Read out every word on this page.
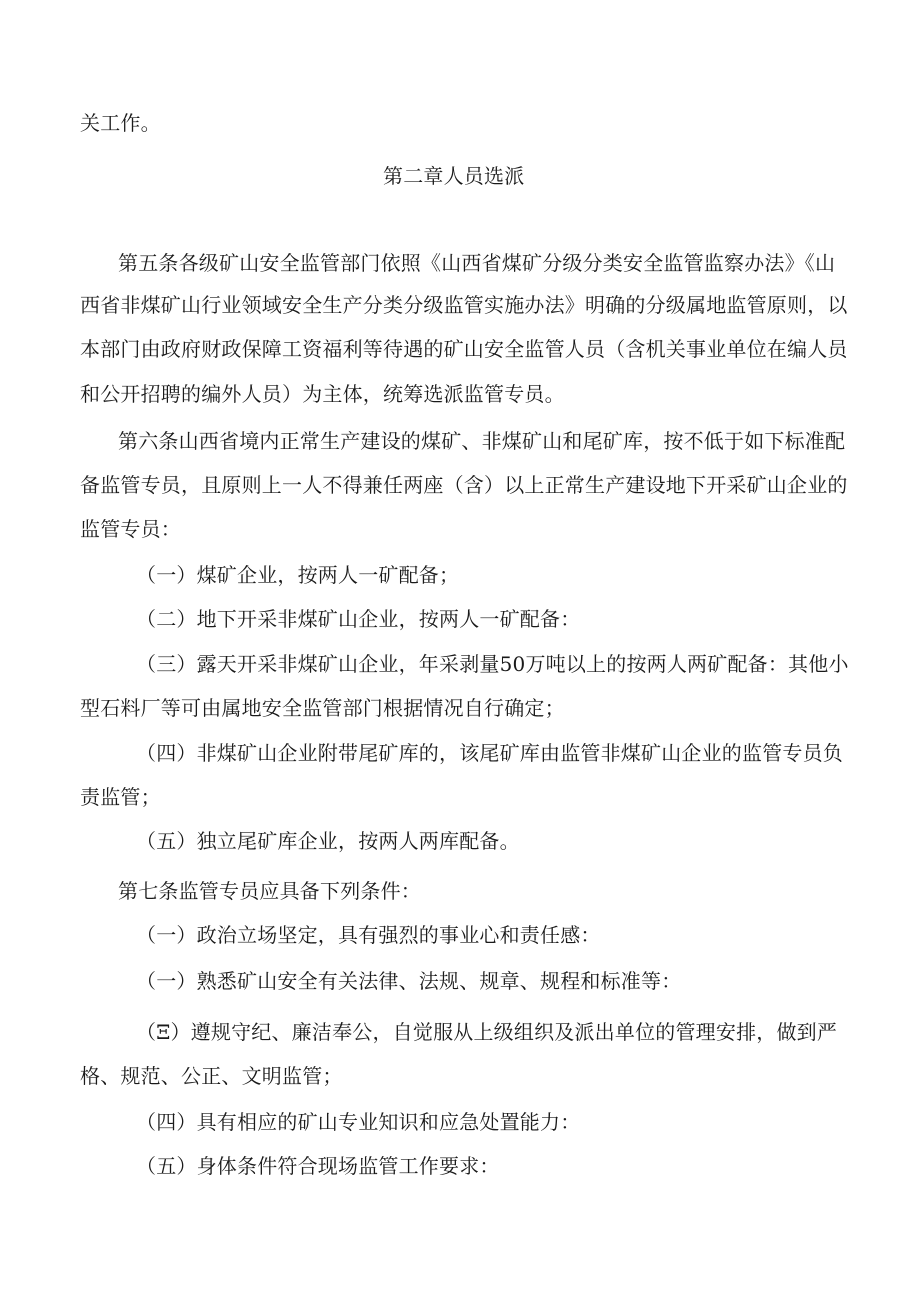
关工作。
第二章人员选派
第五条各级矿山安全监管部门依照《山西省煤矿分级分类安全监管监察办法》《山
西省非煤矿山行业领域安全生产分类分级监管实施办法》明确的分级属地监管原则，以
本部门由政府财政保障工资福利等待遇的矿山安全监管人员（含机关事业单位在编人员
和公开招聘的编外人员）为主体，统筹选派监管专员。
第六条山西省境内正常生产建设的煤矿、非煤矿山和尾矿库，按不低于如下标准配
备监管专员，且原则上一人不得兼任两座（含）以上正常生产建设地下开采矿山企业的
监管专员：
（一）煤矿企业，按两人一矿配备；
（二）地下开采非煤矿山企业，按两人一矿配备：
（三）露天开采非煤矿山企业，年采剥量50万吨以上的按两人两矿配备：其他小
型石料厂等可由属地安全监管部门根据情况自行确定；
（四）非煤矿山企业附带尾矿库的，该尾矿库由监管非煤矿山企业的监管专员负
责监管；
（五）独立尾矿库企业，按两人两库配备。
第七条监管专员应具备下列条件：
（一）政治立场坚定，具有强烈的事业心和责任感：
（一）熟悉矿山安全有关法律、法规、规章、规程和标准等：
（Ξ）遵规守纪、廉洁奉公，自觉服从上级组织及派出单位的管理安排，做到严
格、规范、公正、文明监管；
（四）具有相应的矿山专业知识和应急处置能力：
（五）身体条件符合现场监管工作要求：
